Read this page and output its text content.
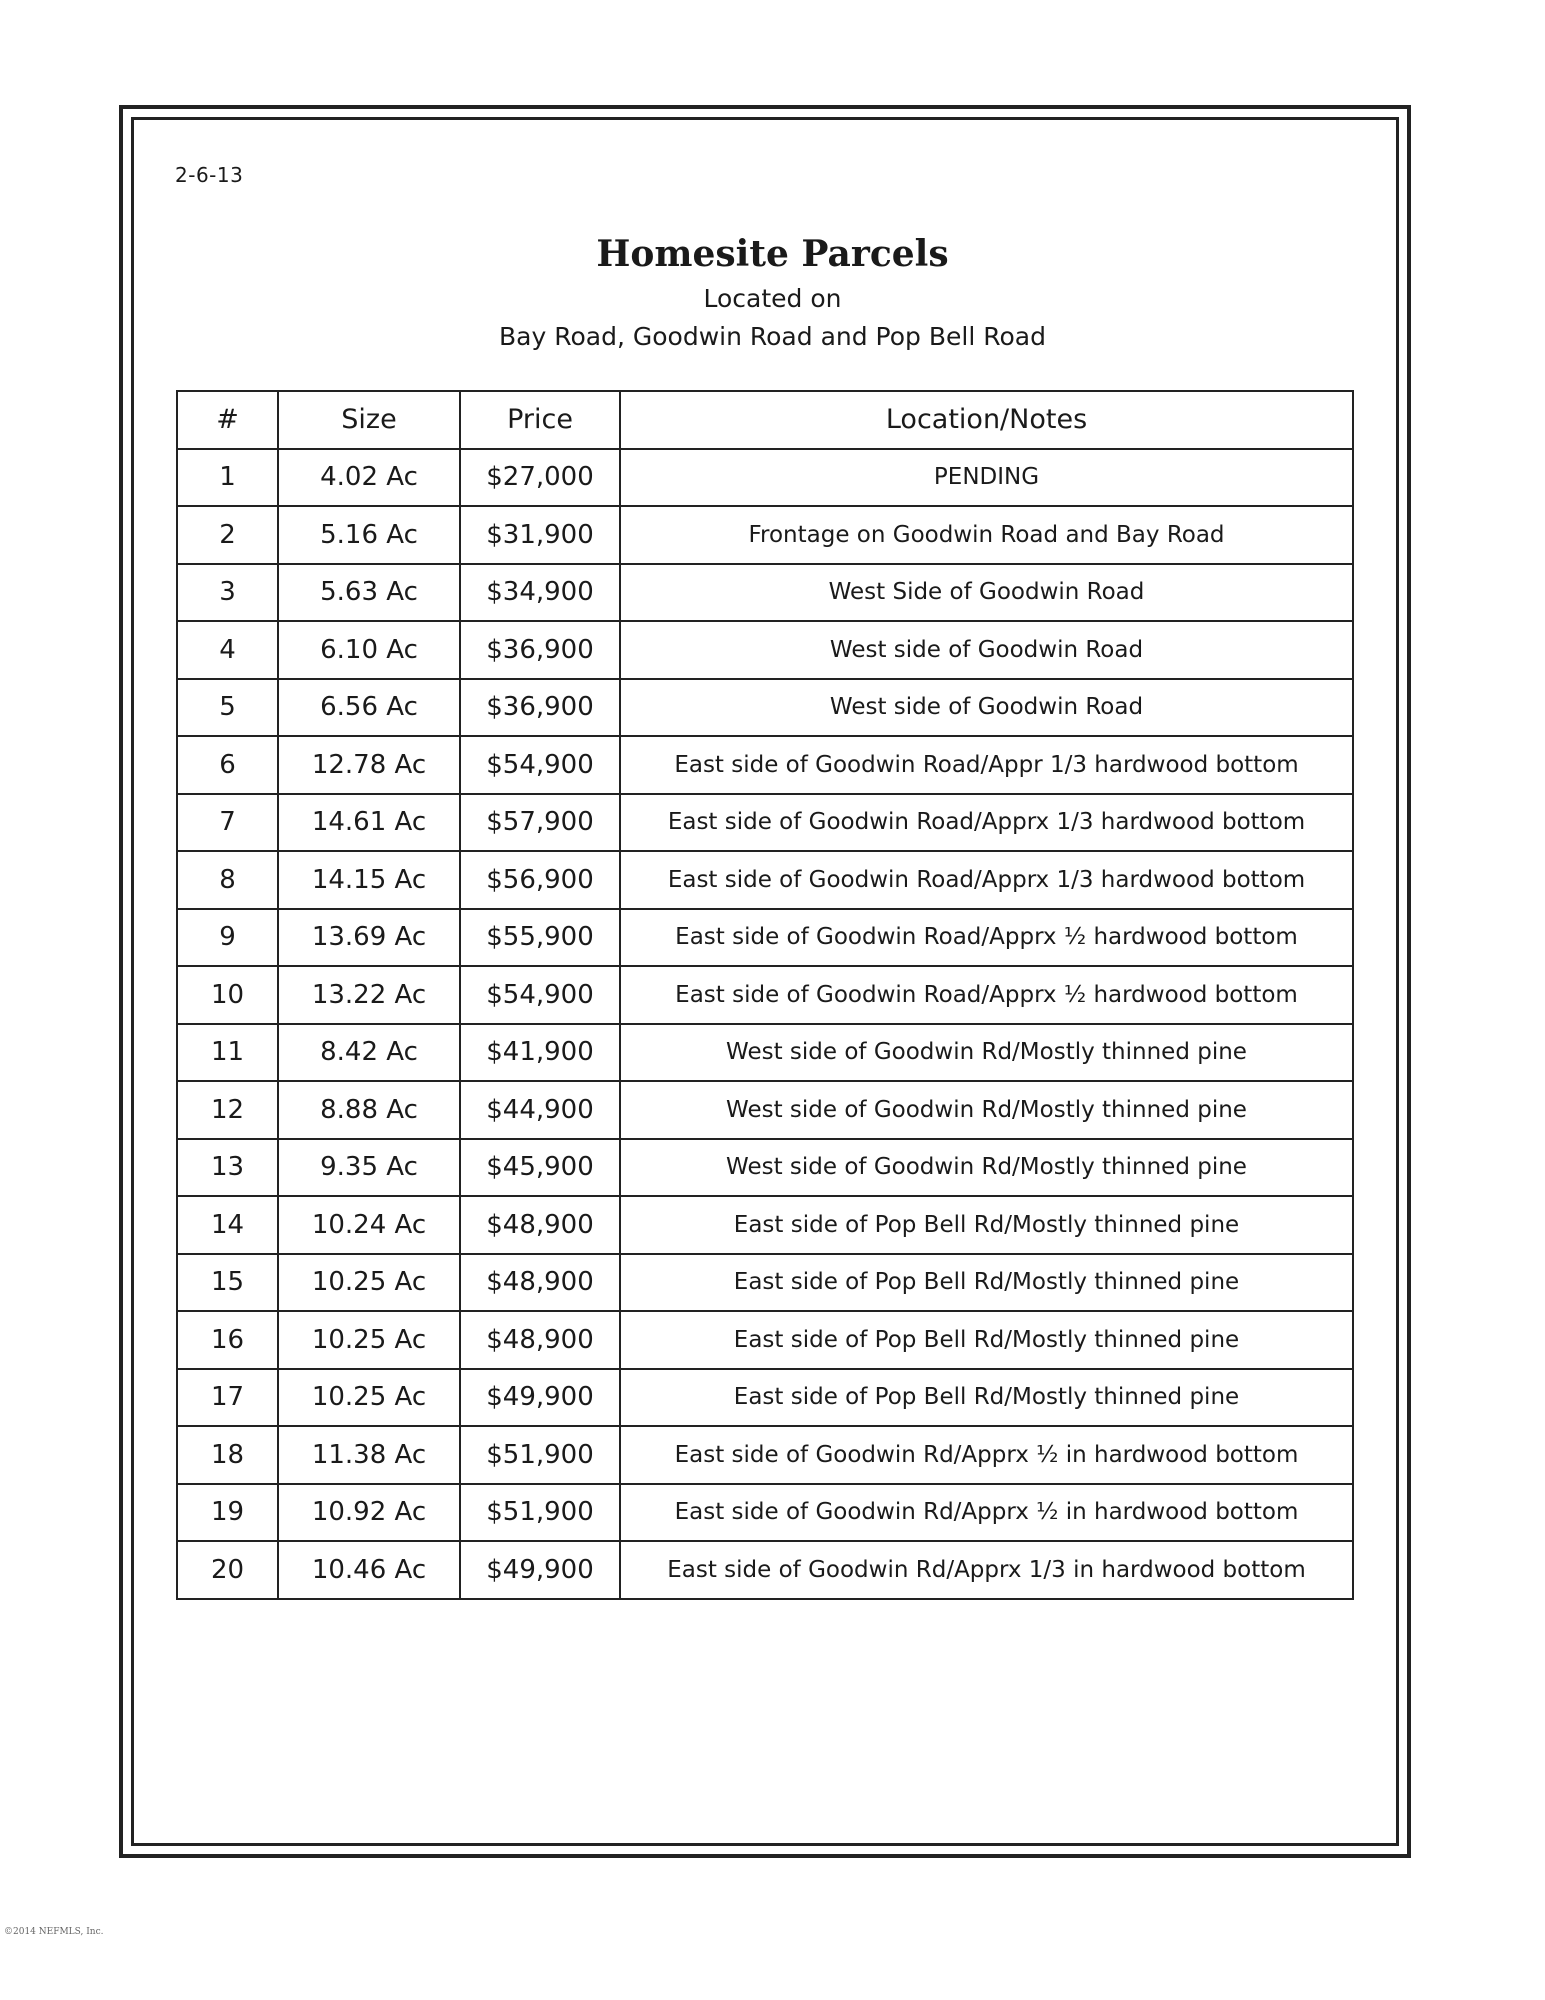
2-6-13
Homesite Parcels

Located on

Bay Road, Goodwin Road and Pop Bell Road

#	Size	Price	Location/Notes
1	4.02 Ac	$27,000	PENDING
2	5.16 Ac	$31,900	Frontage on Goodwin Road and Bay Road
3	5.63 Ac	$34,900	West Side of Goodwin Road
4	6.10 Ac	$36,900	West side of Goodwin Road
5	6.56 Ac	$36,900	West side of Goodwin Road
6	12.78 Ac	$54,900	East side of Goodwin Road/Appr 1/3 hardwood bottom
7	14.61 Ac	$57,900	East side of Goodwin Road/Apprx 1/3 hardwood bottom
8	14.15 Ac	$56,900	East side of Goodwin Road/Apprx 1/3 hardwood bottom
9	13.69 Ac	$55,900	East side of Goodwin Road/Apprx ½ hardwood bottom
10	13.22 Ac	$54,900	East side of Goodwin Road/Apprx ½ hardwood bottom
11	8.42 Ac	$41,900	West side of Goodwin Rd/Mostly thinned pine
12	8.88 Ac	$44,900	West side of Goodwin Rd/Mostly thinned pine
13	9.35 Ac	$45,900	West side of Goodwin Rd/Mostly thinned pine
14	10.24 Ac	$48,900	East side of Pop Bell Rd/Mostly thinned pine
15	10.25 Ac	$48,900	East side of Pop Bell Rd/Mostly thinned pine
16	10.25 Ac	$48,900	East side of Pop Bell Rd/Mostly thinned pine
17	10.25 Ac	$49,900	East side of Pop Bell Rd/Mostly thinned pine
18	11.38 Ac	$51,900	East side of Goodwin Rd/Apprx ½ in hardwood bottom
19	10.92 Ac	$51,900	East side of Goodwin Rd/Apprx ½ in hardwood bottom
20	10.46 Ac	$49,900	East side of Goodwin Rd/Apprx 1/3 in hardwood bottom
©2014 NEFMLS, Inc.
